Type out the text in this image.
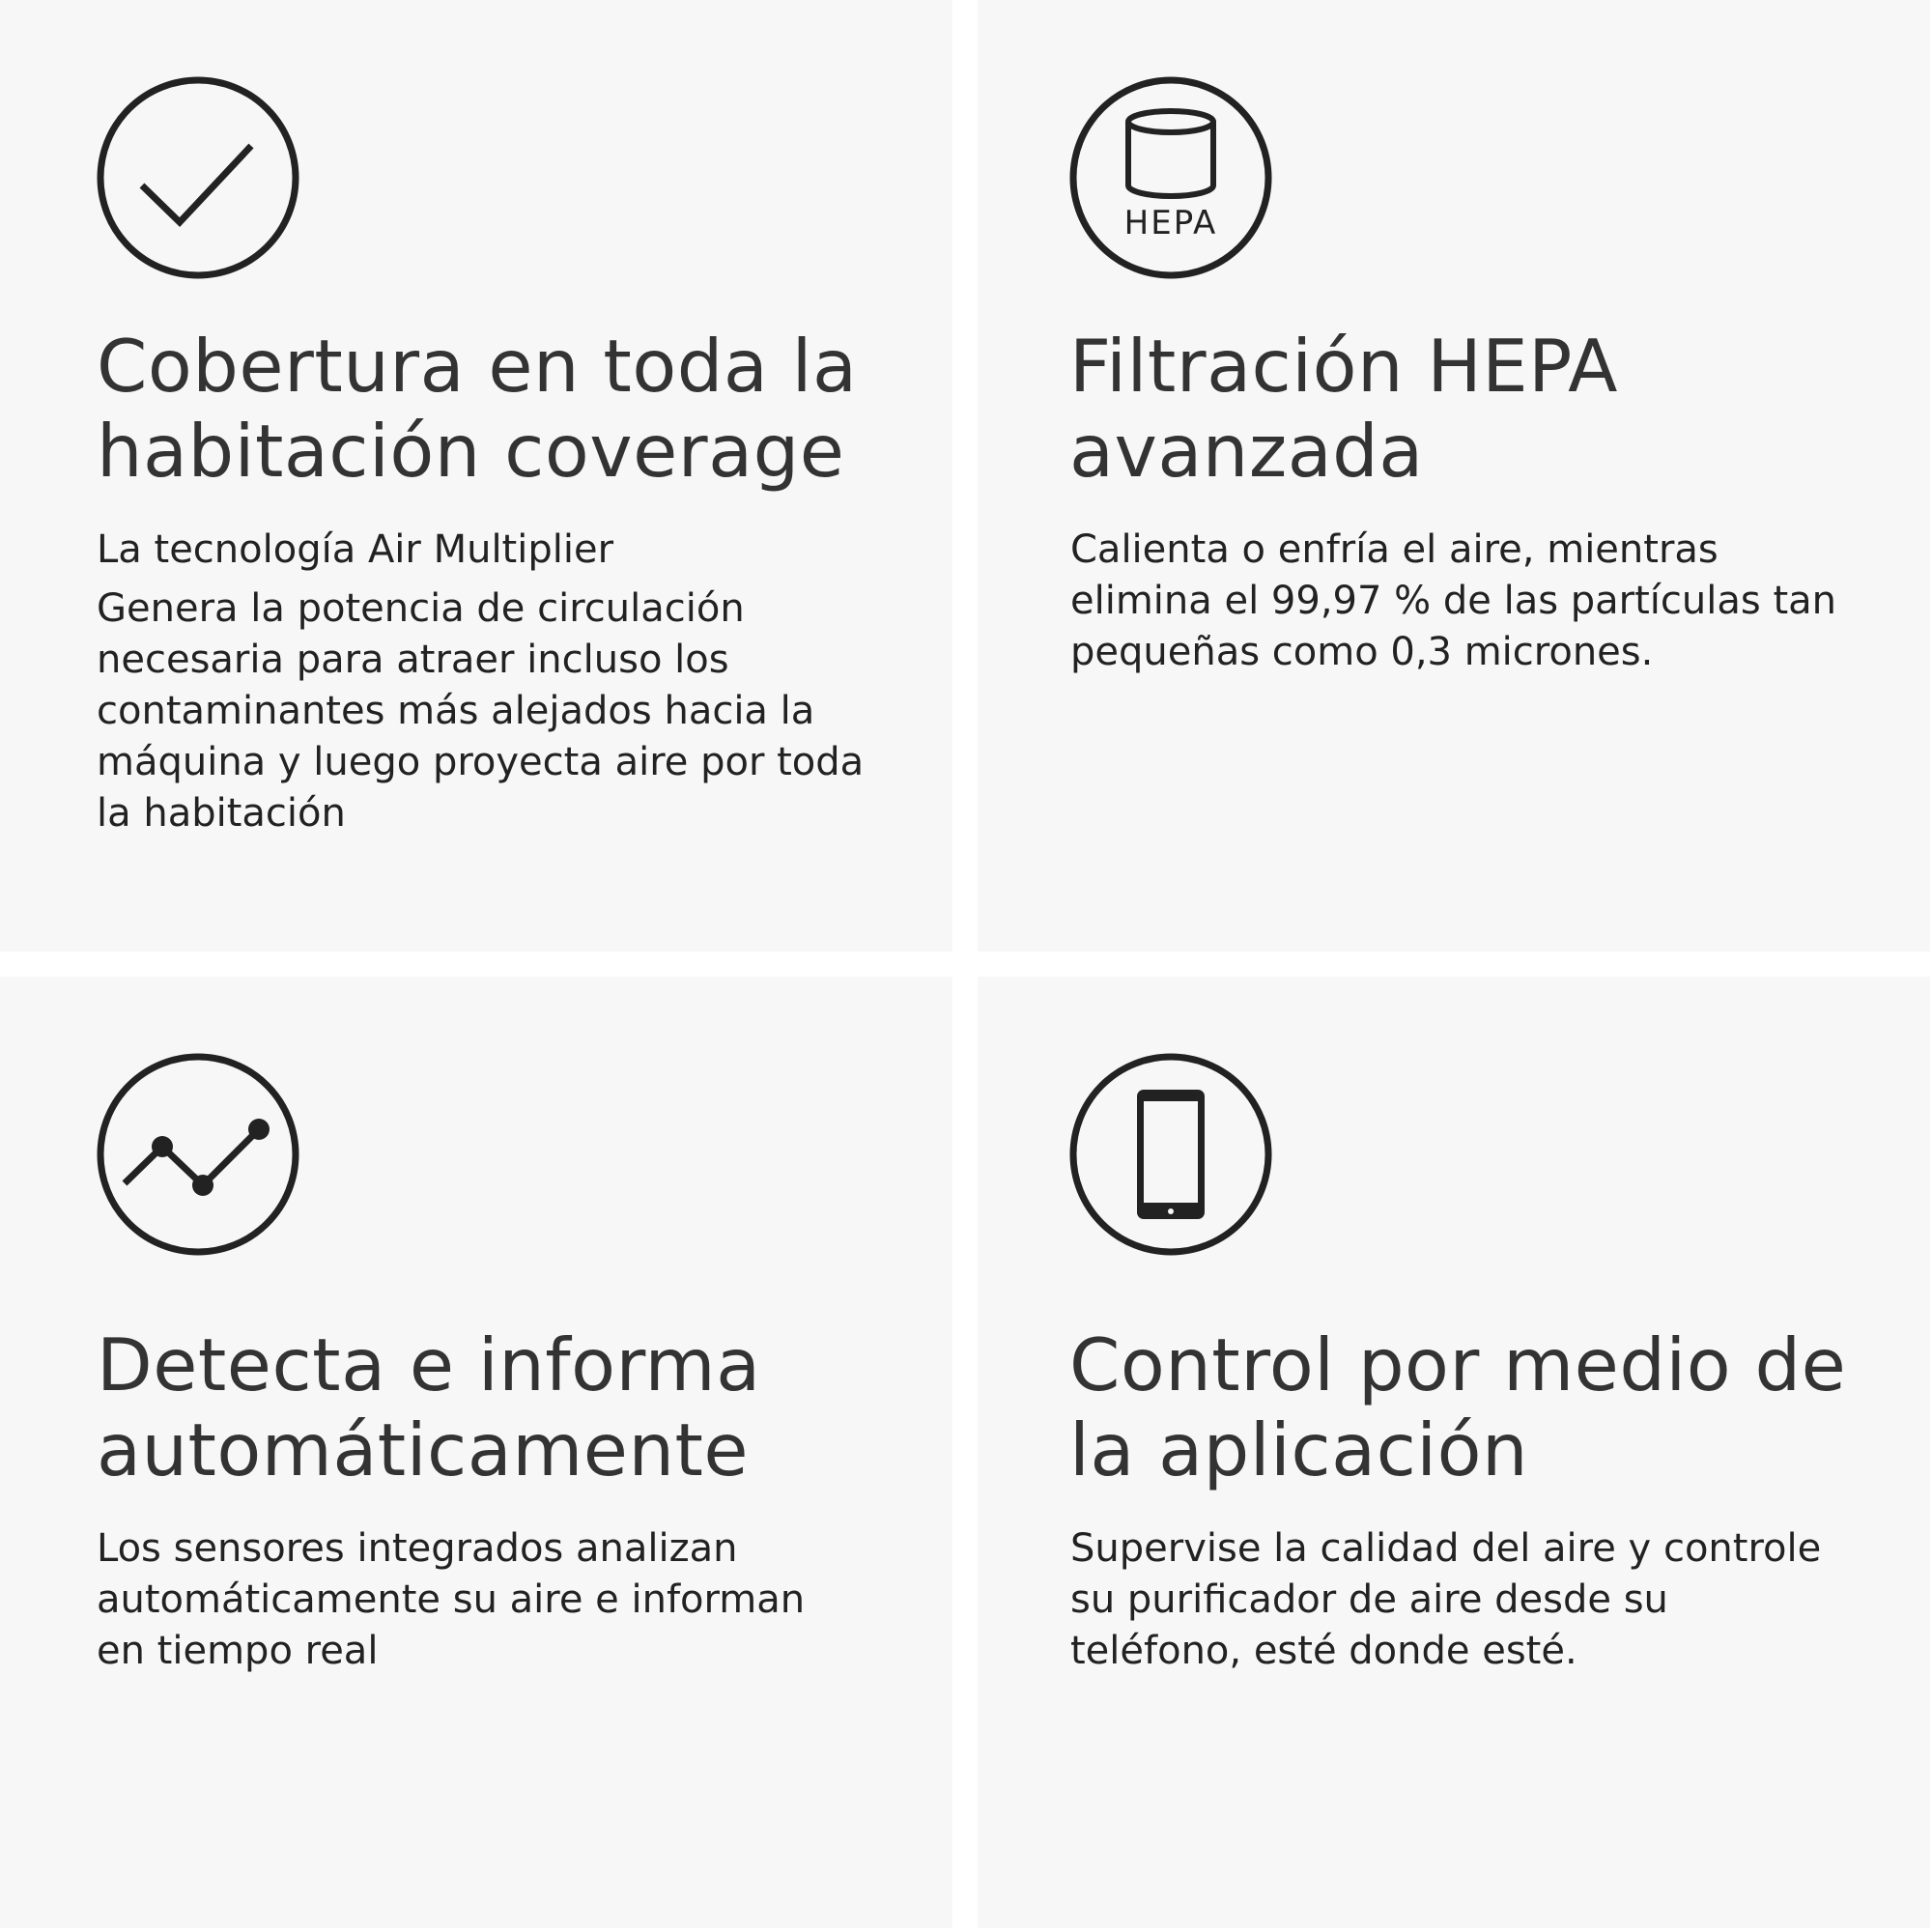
Cobertura en toda la habitación coverage
HEPA
Filtración HEPA avanzada
Detecta e informa automáticamente
Control por medio de la aplicación

La tecnología Air Multiplier

Genera la potencia de circulación necesaria para atraer incluso los contaminantes más alejados hacia la máquina y luego proyecta aire por toda la habitación

Calienta o enfría el aire, mientras elimina el 99,97 % de las partículas tan pequeñas como 0,3 micrones.

Los sensores integrados analizan automáticamente su aire e informan en tiempo real

Supervise la calidad del aire y controle su purificador de aire desde su teléfono, esté donde esté.
